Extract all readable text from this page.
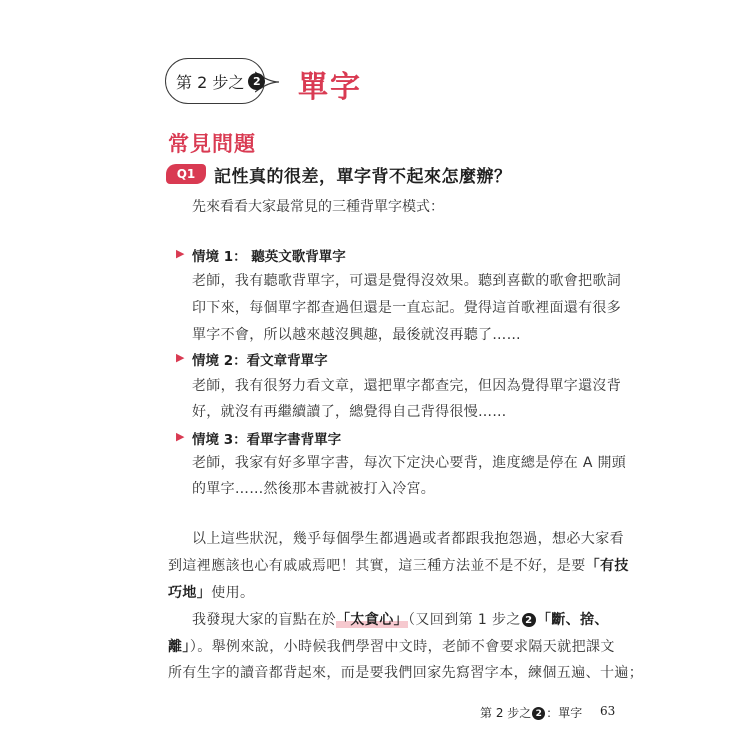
第 2 步之 2 單字
常見問題
Q1	記性真的很差，單字背不起來怎麼辦？
先來看看大家最常見的三種背單字模式：
▶ 情境 1： 聽英文歌背單字
老師，我有聽歌背單字，可還是覺得沒效果。聽到喜歡的歌會把歌詞
印下來，每個單字都查過但還是一直忘記。覺得這首歌裡面還有很多
單字不會，所以越來越沒興趣，最後就沒再聽了……
▶ 情境 2：看文章背單字
老師，我有很努力看文章，還把單字都查完，但因為覺得單字還沒背
好，就沒有再繼續讀了，總覺得自己背得很慢……
▶ 情境 3：看單字書背單字
老師，我家有好多單字書，每次下定決心要背，進度總是停在 A 開頭
的單字……然後那本書就被打入冷宮。
以上這些狀況，幾乎每個學生都遇過或者都跟我抱怨過，想必大家看
到這裡應該也心有戚戚焉吧！其實，這三種方法並不是不好，是要「有技
巧地」使用。
我發現大家的盲點在於「太貪心」（又回到第 1 步之 2 「斷、捨、
離」）。舉例來說，小時候我們學習中文時，老師不會要求隔天就把課文
所有生字的讀音都背起來，而是要我們回家先寫習字本，練個五遍、十遍；
第 2 步之 2 ：單字 63
